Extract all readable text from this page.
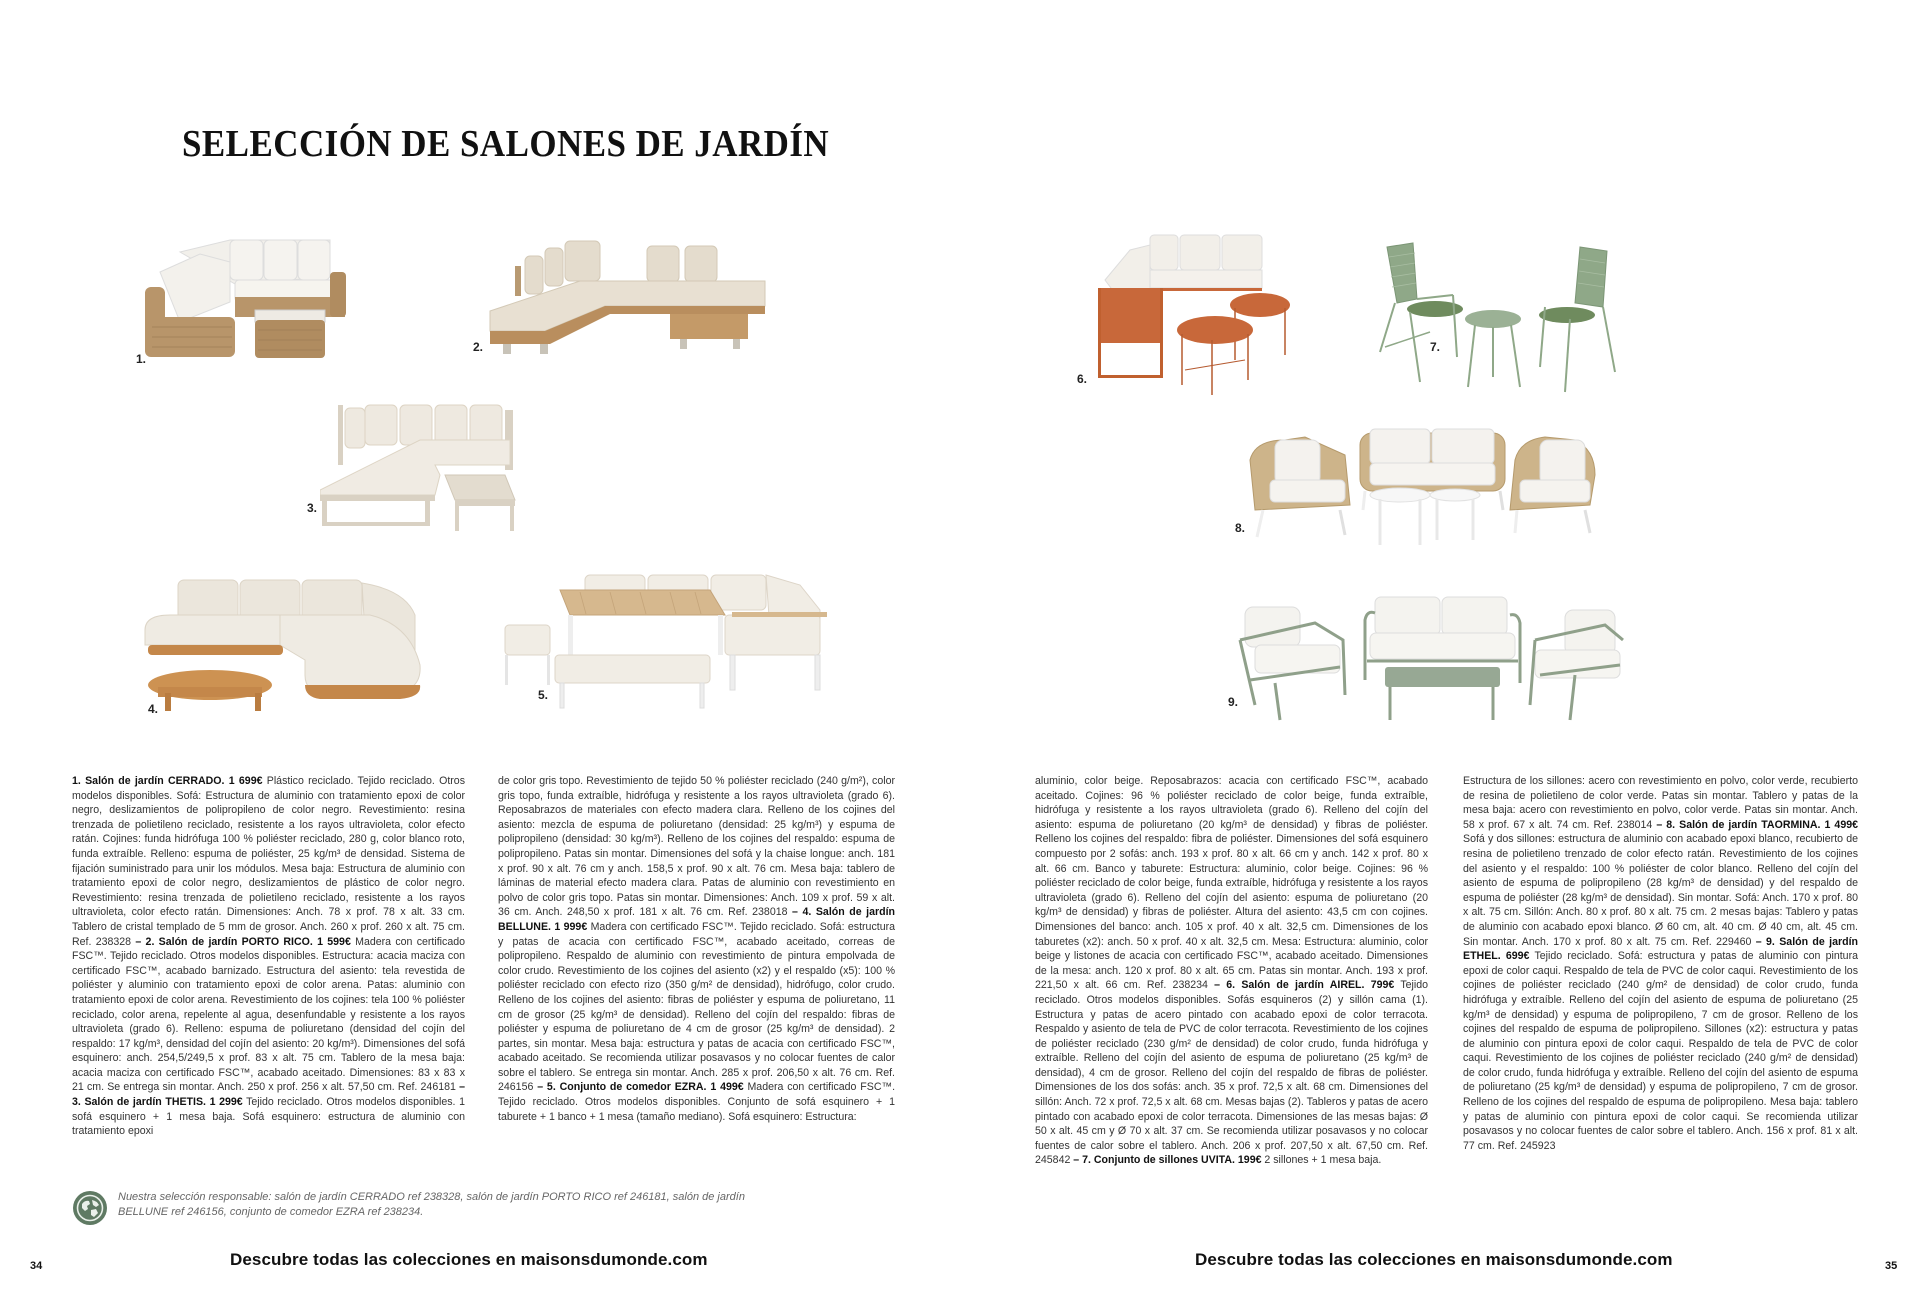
SELECCIÓN DE SALONES DE JARDÍN
1.
2.
3.
4.
5.
1. Salón de jardín CERRADO. 1 699€ Plástico reciclado. Tejido reciclado. Otros modelos disponibles. Sofá: Estructura de aluminio con tratamiento epoxi de color negro, deslizamientos de polipropileno de color negro. Revestimiento: resina trenzada de polietileno reciclado, resistente a los rayos ultravioleta, color efecto ratán. Cojines: funda hidrófuga 100 % poliéster reciclado, 280 g, color blanco roto, funda extraíble. Relleno: espuma de poliéster, 25 kg/m³ de densidad. Sistema de fijación suministrado para unir los módulos. Mesa baja: Estructura de aluminio con tratamiento epoxi de color negro, deslizamientos de plástico de color negro. Revestimiento: resina trenzada de polietileno reciclado, resistente a los rayos ultravioleta, color efecto ratán. Dimensiones: Anch. 78 x prof. 78 x alt. 33 cm. Tablero de cristal templado de 5 mm de grosor. Anch. 260 x prof. 260 x alt. 75 cm. Ref. 238328 – 2. Salón de jardín PORTO RICO. 1 599€ Madera con certificado FSC™. Tejido reciclado. Otros modelos disponibles. Estructura: acacia maciza con certificado FSC™, acabado barnizado. Estructura del asiento: tela revestida de poliéster y aluminio con tratamiento epoxi de color arena. Patas: aluminio con tratamiento epoxi de color arena. Revestimiento de los cojines: tela 100 % poliéster reciclado, color arena, repelente al agua, desenfundable y resistente a los rayos ultravioleta (grado 6). Relleno: espuma de poliuretano (densidad del cojín del respaldo: 17 kg/m³, densidad del cojín del asiento: 20 kg/m³). Dimensiones del sofá esquinero: anch. 254,5/249,5 x prof. 83 x alt. 75 cm. Tablero de la mesa baja: acacia maciza con certificado FSC™, acabado aceitado. Dimensiones: 83 x 83 x 21 cm. Se entrega sin montar. Anch. 250 x prof. 256 x alt. 57,50 cm. Ref. 246181 – 3. Salón de jardín THETIS. 1 299€ Tejido reciclado. Otros modelos disponibles. 1 sofá esquinero + 1 mesa baja. Sofá esquinero: estructura de aluminio con tratamiento epoxi
de color gris topo. Revestimiento de tejido 50 % poliéster reciclado (240 g/m²), color gris topo, funda extraíble, hidrófuga y resistente a los rayos ultravioleta (grado 6). Reposabrazos de materiales con efecto madera clara. Relleno de los cojines del asiento: mezcla de espuma de poliuretano (densidad: 25 kg/m³) y espuma de polipropileno (densidad: 30 kg/m³). Relleno de los cojines del respaldo: espuma de polipropileno. Patas sin montar. Dimensiones del sofá y la chaise longue: anch. 181 x prof. 90 x alt. 76 cm y anch. 158,5 x prof. 90 x alt. 76 cm. Mesa baja: tablero de láminas de material efecto madera clara. Patas de aluminio con revestimiento en polvo de color gris topo. Patas sin montar. Dimensiones: Anch. 109 x prof. 59 x alt. 36 cm. Anch. 248,50 x prof. 181 x alt. 76 cm. Ref. 238018 – 4. Salón de jardín BELLUNE. 1 999€ Madera con certificado FSC™. Tejido reciclado. Sofá: estructura y patas de acacia con certificado FSC™, acabado aceitado, correas de polipropileno. Respaldo de aluminio con revestimiento de pintura empolvada de color crudo. Revestimiento de los cojines del asiento (x2) y el respaldo (x5): 100 % poliéster reciclado con efecto rizo (350 g/m² de densidad), hidrófugo, color crudo. Relleno de los cojines del asiento: fibras de poliéster y espuma de poliuretano, 11 cm de grosor (25 kg/m³ de densidad). Relleno del cojín del respaldo: fibras de poliéster y espuma de poliuretano de 4 cm de grosor (25 kg/m³ de densidad). 2 partes, sin montar. Mesa baja: estructura y patas de acacia con certificado FSC™, acabado aceitado. Se recomienda utilizar posavasos y no colocar fuentes de calor sobre el tablero. Se entrega sin montar. Anch. 285 x prof. 206,50 x alt. 76 cm. Ref. 246156 – 5. Conjunto de comedor EZRA. 1 499€ Madera con certificado FSC™. Tejido reciclado. Otros modelos disponibles. Conjunto de sofá esquinero + 1 taburete + 1 banco + 1 mesa (tamaño mediano). Sofá esquinero: Estructura:
Nuestra selección responsable: salón de jardín CERRADO ref 238328, salón de jardín PORTO RICO ref 246181, salón de jardín BELLUNE ref 246156, conjunto de comedor EZRA ref 238234.
Descubre todas las colecciones en maisonsdumonde.com
34
6.
7.
8.
9.
aluminio, color beige. Reposabrazos: acacia con certificado FSC™, acabado aceitado. Cojines: 96 % poliéster reciclado de color beige, funda extraíble, hidrófuga y resistente a los rayos ultravioleta (grado 6). Relleno del cojín del asiento: espuma de poliuretano (20 kg/m³ de densidad) y fibras de poliéster. Relleno los cojines del respaldo: fibra de poliéster. Dimensiones del sofá esquinero compuesto por 2 sofás: anch. 193 x prof. 80 x alt. 66 cm y anch. 142 x prof. 80 x alt. 66 cm. Banco y taburete: Estructura: aluminio, color beige. Cojines: 96 % poliéster reciclado de color beige, funda extraíble, hidrófuga y resistente a los rayos ultravioleta (grado 6). Relleno del cojín del asiento: espuma de poliuretano (20 kg/m³ de densidad) y fibras de poliéster. Altura del asiento: 43,5 cm con cojines. Dimensiones del banco: anch. 105 x prof. 40 x alt. 32,5 cm. Dimensiones de los taburetes (x2): anch. 50 x prof. 40 x alt. 32,5 cm. Mesa: Estructura: aluminio, color beige y listones de acacia con certificado FSC™, acabado aceitado. Dimensiones de la mesa: anch. 120 x prof. 80 x alt. 65 cm. Patas sin montar. Anch. 193 x prof. 221,50 x alt. 66 cm. Ref. 238234 – 6. Salón de jardín AIREL. 799€ Tejido reciclado. Otros modelos disponibles. Sofás esquineros (2) y sillón cama (1). Estructura y patas de acero pintado con acabado epoxi de color terracota. Respaldo y asiento de tela de PVC de color terracota. Revestimiento de los cojines de poliéster reciclado (230 g/m² de densidad) de color crudo, funda hidrófuga y extraíble. Relleno del cojín del asiento de espuma de poliuretano (25 kg/m³ de densidad), 4 cm de grosor. Relleno del cojín del respaldo de fibras de poliéster. Dimensiones de los dos sofás: anch. 35 x prof. 72,5 x alt. 68 cm. Dimensiones del sillón: Anch. 72 x prof. 72,5 x alt. 68 cm. Mesas bajas (2). Tableros y patas de acero pintado con acabado epoxi de color terracota. Dimensiones de las mesas bajas: Ø 50 x alt. 45 cm y Ø 70 x alt. 37 cm. Se recomienda utilizar posavasos y no colocar fuentes de calor sobre el tablero. Anch. 206 x prof. 207,50 x alt. 67,50 cm. Ref. 245842 – 7. Conjunto de sillones UVITA. 199€ 2 sillones + 1 mesa baja.
Estructura de los sillones: acero con revestimiento en polvo, color verde, recubierto de resina de polietileno de color verde. Patas sin montar. Tablero y patas de la mesa baja: acero con revestimiento en polvo, color verde. Patas sin montar. Anch. 58 x prof. 67 x alt. 74 cm. Ref. 238014 – 8. Salón de jardín TAORMINA. 1 499€ Sofá y dos sillones: estructura de aluminio con acabado epoxi blanco, recubierto de resina de polietileno trenzado de color efecto ratán. Revestimiento de los cojines del asiento y el respaldo: 100 % poliéster de color blanco. Relleno del cojín del asiento de espuma de polipropileno (28 kg/m³ de densidad) y del respaldo de espuma de poliéster (28 kg/m³ de densidad). Sin montar. Sofá: Anch. 170 x prof. 80 x alt. 75 cm. Sillón: Anch. 80 x prof. 80 x alt. 75 cm. 2 mesas bajas: Tablero y patas de aluminio con acabado epoxi blanco. Ø 60 cm, alt. 40 cm. Ø 40 cm, alt. 45 cm. Sin montar. Anch. 170 x prof. 80 x alt. 75 cm. Ref. 229460 – 9. Salón de jardín ETHEL. 699€ Tejido reciclado. Sofá: estructura y patas de aluminio con pintura epoxi de color caqui. Respaldo de tela de PVC de color caqui. Revestimiento de los cojines de poliéster reciclado (240 g/m² de densidad) de color crudo, funda hidrófuga y extraíble. Relleno del cojín del asiento de espuma de poliuretano (25 kg/m³ de densidad) y espuma de polipropileno, 7 cm de grosor. Relleno de los cojines del respaldo de espuma de polipropileno. Sillones (x2): estructura y patas de aluminio con pintura epoxi de color caqui. Respaldo de tela de PVC de color caqui. Revestimiento de los cojines de poliéster reciclado (240 g/m² de densidad) de color crudo, funda hidrófuga y extraíble. Relleno del cojín del asiento de espuma de poliuretano (25 kg/m³ de densidad) y espuma de polipropileno, 7 cm de grosor. Relleno de los cojines del respaldo de espuma de polipropileno. Mesa baja: tablero y patas de aluminio con pintura epoxi de color caqui. Se recomienda utilizar posavasos y no colocar fuentes de calor sobre el tablero. Anch. 156 x prof. 81 x alt. 77 cm. Ref. 245923
Descubre todas las colecciones en maisonsdumonde.com	35
